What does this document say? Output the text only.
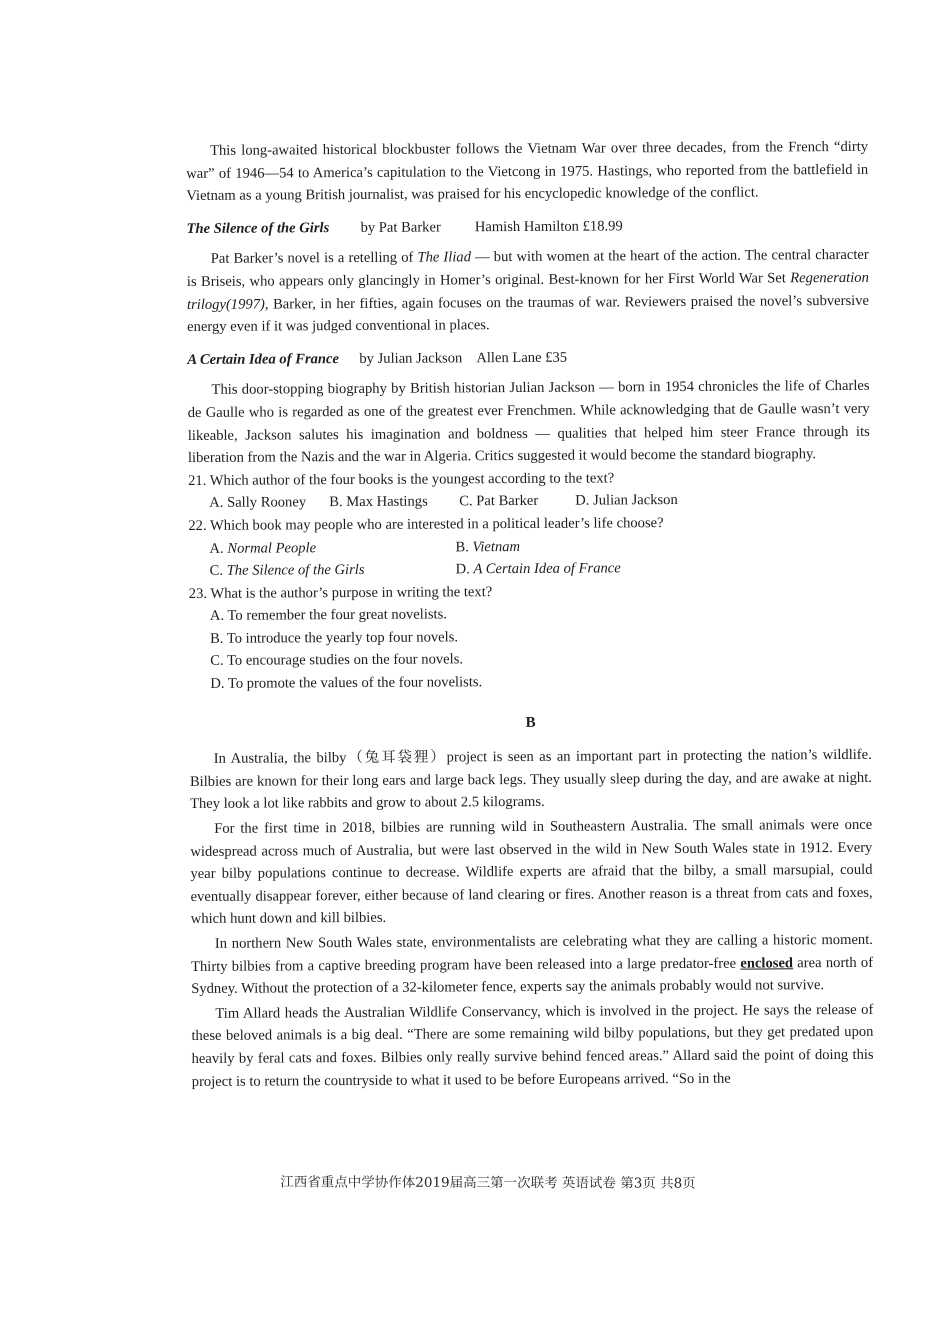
This long-awaited historical blockbuster follows the Vietnam War over three decades, from the French “dirty war” of 1946—54 to America’s capitulation to the Vietcong in 1975. Hastings, who reported from the battlefield in Vietnam as a young British journalist, was praised for his encyclopedic knowledge of the conflict.

The Silence of the Girls by Pat Barker Hamish Hamilton £18.99

Pat Barker’s novel is a retelling of The Iliad — but with women at the heart of the action. The central character is Briseis, who appears only glancingly in Homer’s original. Best-known for her First World War Set Regeneration trilogy(1997), Barker, in her fifties, again focuses on the traumas of war. Reviewers praised the novel’s subversive energy even if it was judged conventional in places.

A Certain Idea of France by Julian Jackson Allen Lane £35

This door-stopping biography by British historian Julian Jackson — born in 1954 chronicles the life of Charles de Gaulle who is regarded as one of the greatest ever Frenchmen. While acknowledging that de Gaulle wasn’t very likeable, Jackson salutes his imagination and boldness — qualities that helped him steer France through its liberation from the Nazis and the war in Algeria. Critics suggested it would become the standard biography.

21. Which author of the four books is the youngest according to the text?

A. Sally Rooney	B. Max Hastings	C. Pat Barker	D. Julian Jackson

22. Which book may people who are interested in a political leader’s life choose?

A. Normal People	B. Vietnam
C. The Silence of the Girls	D. A Certain Idea of France

23. What is the author’s purpose in writing the text?

A. To remember the four great novelists.
B. To introduce the yearly top four novels.
C. To encourage studies on the four novels.
D. To promote the values of the four novelists.
B

In Australia, the bilby（兔耳袋狸）project is seen as an important part in protecting the nation’s wildlife. Bilbies are known for their long ears and large back legs. They usually sleep during the day, and are awake at night. They look a lot like rabbits and grow to about 2.5 kilograms.

For the first time in 2018, bilbies are running wild in Southeastern Australia. The small animals were once widespread across much of Australia, but were last observed in the wild in New South Wales state in 1912. Every year bilby populations continue to decrease. Wildlife experts are afraid that the bilby, a small marsupial, could eventually disappear forever, either because of land clearing or fires. Another reason is a threat from cats and foxes, which hunt down and kill bilbies.

In northern New South Wales state, environmentalists are celebrating what they are calling a historic moment. Thirty bilbies from a captive breeding program have been released into a large predator-free enclosed area north of Sydney. Without the protection of a 32-kilometer fence, experts say the animals probably would not survive.

Tim Allard heads the Australian Wildlife Conservancy, which is involved in the project. He says the release of these beloved animals is a big deal. “There are some remaining wild bilby populations, but they get predated upon heavily by feral cats and foxes. Bilbies only really survive behind fenced areas.” Allard said the point of doing this project is to return the countryside to what it used to be before Europeans arrived. “So in the

江西省重点中学协作体2019届高三第一次联考 英语试卷 第3页 共8页
